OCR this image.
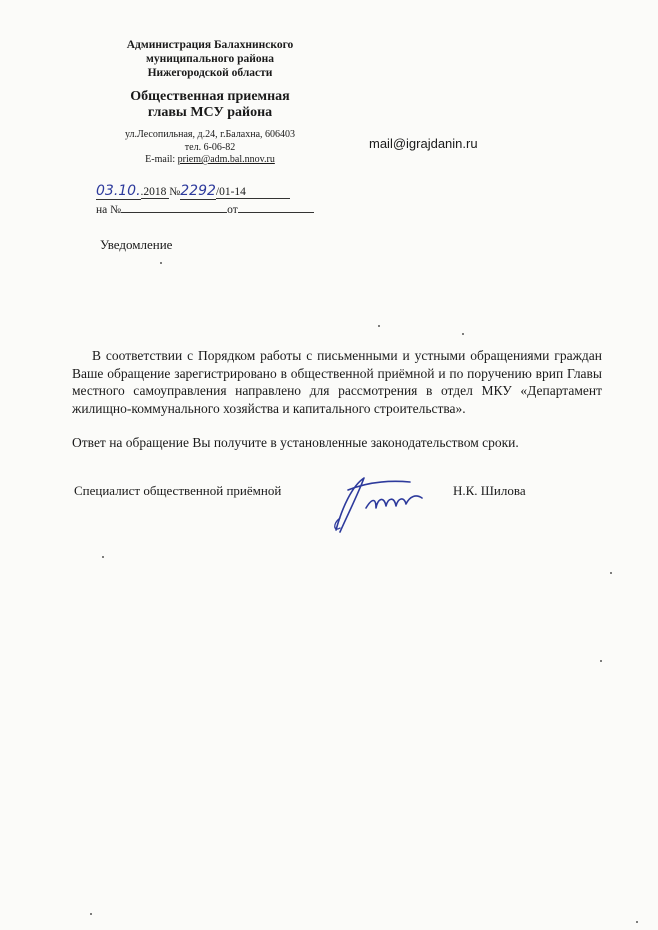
Администрация Балахнинского
муниципального района
Нижегородской области
Общественная приемная
главы МСУ района
ул.Лесопильная, д.24, г.Балахна, 606403
тел. 6-06-82
E-mail: priem@adm.bal.nnov.ru
mail@igrajdanin.ru
03.10..2018 №2292/01-14
на №	от
Уведомление
В соответствии с Порядком работы с письменными и устными обращениями граждан Ваше обращение зарегистрировано в общественной приёмной и по поручению врип Главы местного самоуправления направлено для рассмотрения в отдел МКУ «Департамент жилищно-коммунального хозяйства и капитального строительства».
Ответ на обращение Вы получите в установленные законодательством сроки.
Специалист общественной приёмной	Н.К. Шилова
